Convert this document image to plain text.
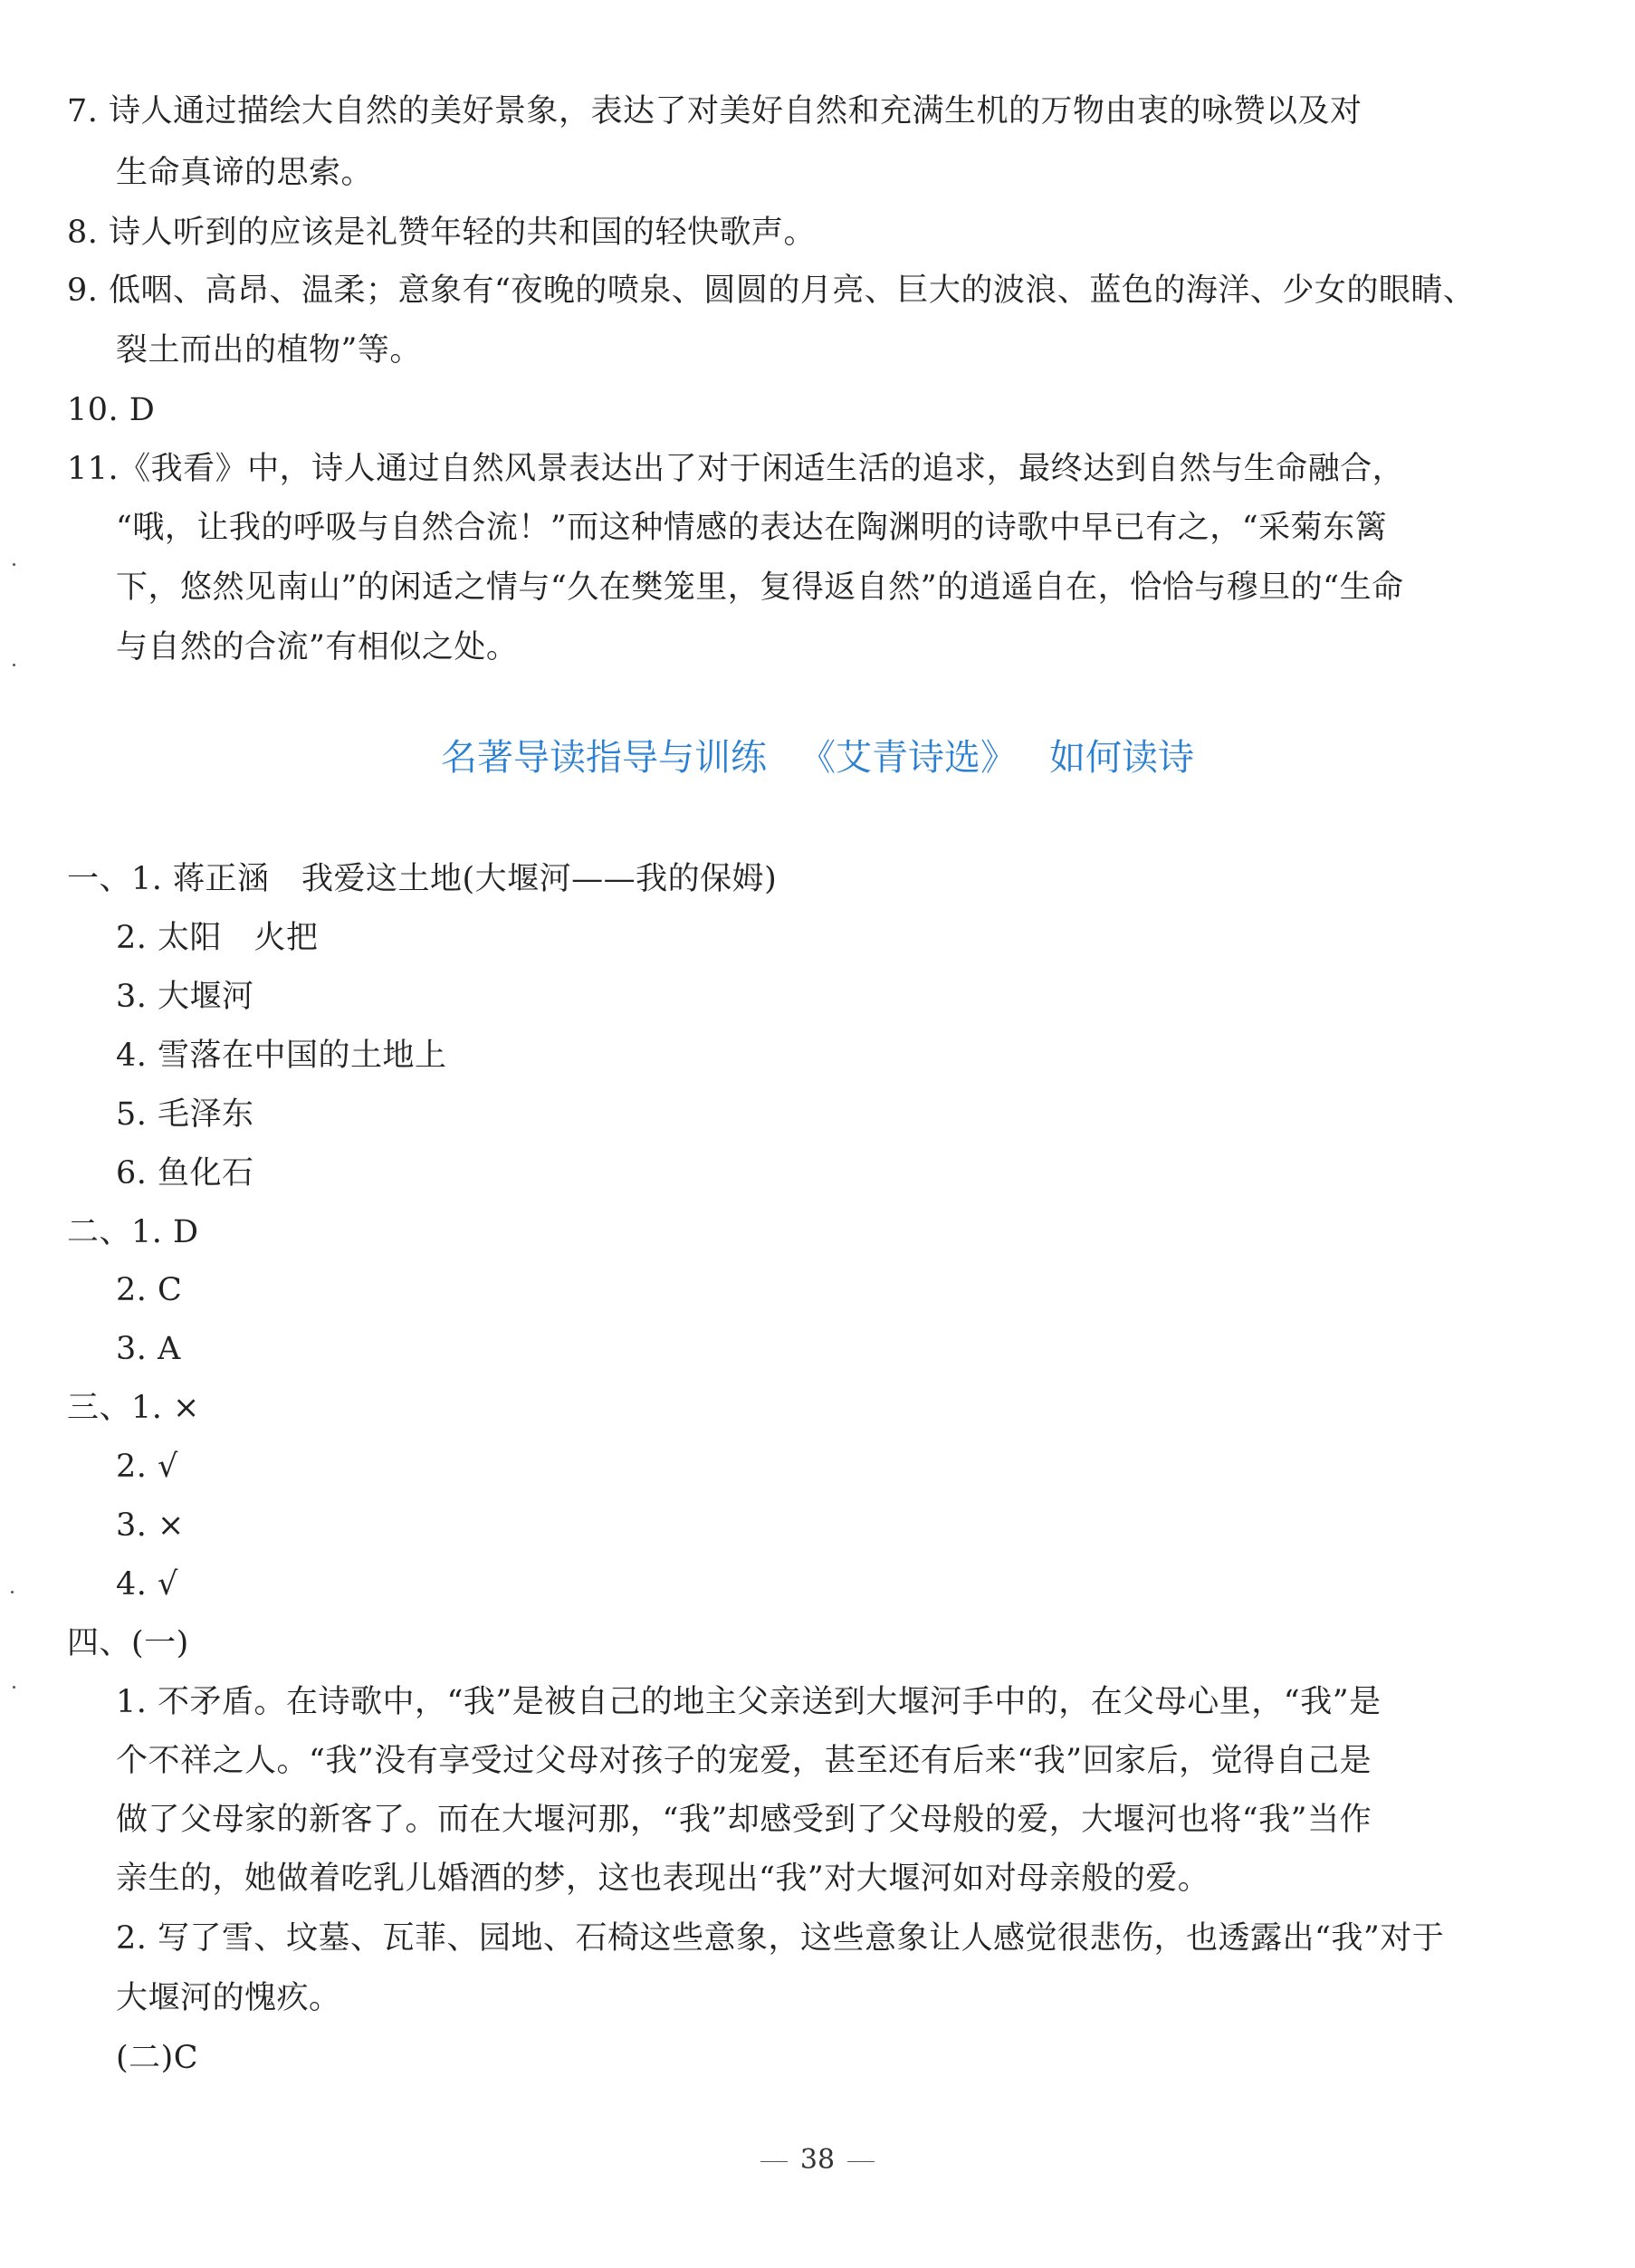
7. 诗人通过描绘大自然的美好景象，表达了对美好自然和充满生机的万物由衷的咏赞以及对
生命真谛的思索。
8. 诗人听到的应该是礼赞年轻的共和国的轻快歌声。
9. 低咽、高昂、温柔；意象有“夜晚的喷泉、圆圆的月亮、巨大的波浪、蓝色的海洋、少女的眼睛、
裂土而出的植物”等。
10. D
11.《我看》中，诗人通过自然风景表达出了对于闲适生活的追求，最终达到自然与生命融合，
“哦，让我的呼吸与自然合流！”而这种情感的表达在陶渊明的诗歌中早已有之，“采菊东篱
下，悠然见南山”的闲适之情与“久在樊笼里，复得返自然”的逍遥自在，恰恰与穆旦的“生命
与自然的合流”有相似之处。
名著导读指导与训练 《艾青诗选》 如何读诗
一、1. 蒋正涵　我爱这土地(大堰河——我的保姆)
2. 太阳　火把
3. 大堰河
4. 雪落在中国的土地上
5. 毛泽东
6. 鱼化石
二、1. D
2. C
3. A
三、1. ×
2. √
3. ×
4. √
四、(一)
1. 不矛盾。在诗歌中，“我”是被自己的地主父亲送到大堰河手中的，在父母心里，“我”是
个不祥之人。“我”没有享受过父母对孩子的宠爱，甚至还有后来“我”回家后，觉得自己是
做了父母家的新客了。而在大堰河那，“我”却感受到了父母般的爱，大堰河也将“我”当作
亲生的，她做着吃乳儿婚酒的梦，这也表现出“我”对大堰河如对母亲般的爱。
2. 写了雪、坟墓、瓦菲、园地、石椅这些意象，这些意象让人感觉很悲伤，也透露出“我”对于
大堰河的愧疚。
(二)C
38
